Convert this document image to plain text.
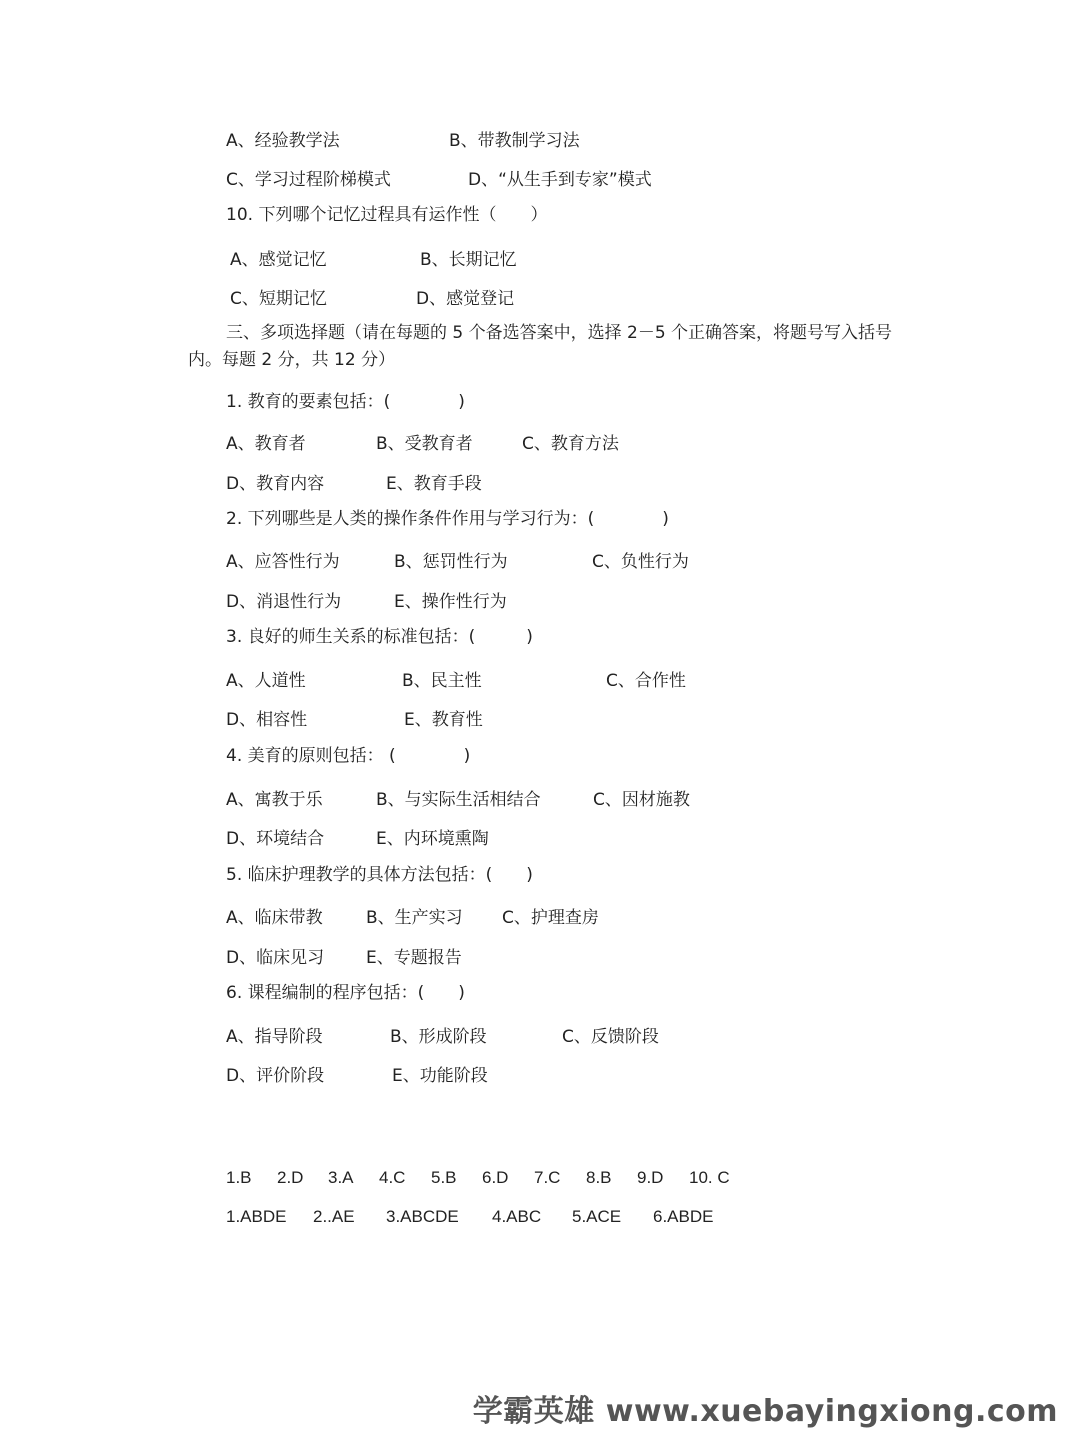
A、经验教学法	B、带教制学习法
C、学习过程阶梯模式	D、“从生手到专家”模式
10. 下列哪个记忆过程具有运作性（　　）
A、感觉记忆	B、长期记忆
C、短期记忆	D、感觉登记
三、多项选择题（请在每题的 5 个备选答案中，选择 2－5 个正确答案，将题号写入括号内。每题 2 分，共 12 分）
1. 教育的要素包括：(　　　　)
A、教育者	B、受教育者	C、教育方法
D、教育内容	E、教育手段
2. 下列哪些是人类的操作条件作用与学习行为：(　　　　)
A、应答性行为	B、惩罚性行为	C、负性行为
D、消退性行为	E、操作性行为
3. 良好的师生关系的标准包括：(　　　)
A、人道性	B、民主性	C、合作性
D、相容性	E、教育性
4. 美育的原则包括： (　　　　)
A、寓教于乐	B、与实际生活相结合	C、因材施教
D、环境结合	E、内环境熏陶
5. 临床护理教学的具体方法包括：(　　)
A、临床带教	B、生产实习 C、护理查房
D、临床见习 E、专题报告
6. 课程编制的程序包括：(　　)
A、指导阶段	B、形成阶段	C、反馈阶段
D、评价阶段	E、功能阶段
1.B 2.D 3.A 4.C 5.B 6.D 7.C 8.B 9.D 10. C
1.ABDE 2..AE 3.ABCDE 4.ABC 5.ACE 6.ABDE
学霸英雄 www.xuebayingxiong.com
